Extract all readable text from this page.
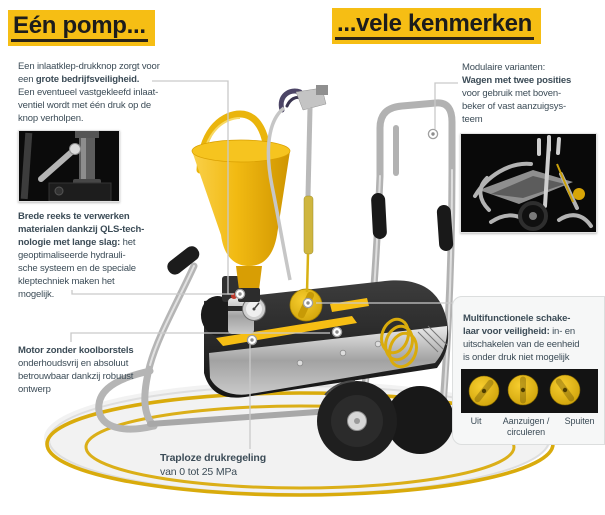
Eén pomp...	...vele kenmerken
Een inlaatklep-drukknop zorgt voor
een grote bedrijfsveiligheid.
Een eventueel vastgekleefd inlaat-
ventiel wordt met één druk op de
knop verholpen.
Brede reeks te verwerken
materialen dankzij QLS-tech-
nologie met lange slag: het
geoptimaliseerde hydrauli-
sche systeem en de speciale
kleptechniek maken het
mogelijk.
Motor zonder koolborstels
onderhoudsvrij en absoluut
betrouwbaar dankzij robuust
ontwerp
Traploze drukregeling
van 0 tot 25 MPa
Modulaire varianten:
Wagen met twee posities
voor gebruik met boven-
beker of vast aanzuigsys-
teem
Multifunctionele schake-
laar voor veiligheid: in- en
uitschakelen van de eenheid
is onder druk niet mogelijk
Uit	Aanzuigen /
circuleren
Spuiten
